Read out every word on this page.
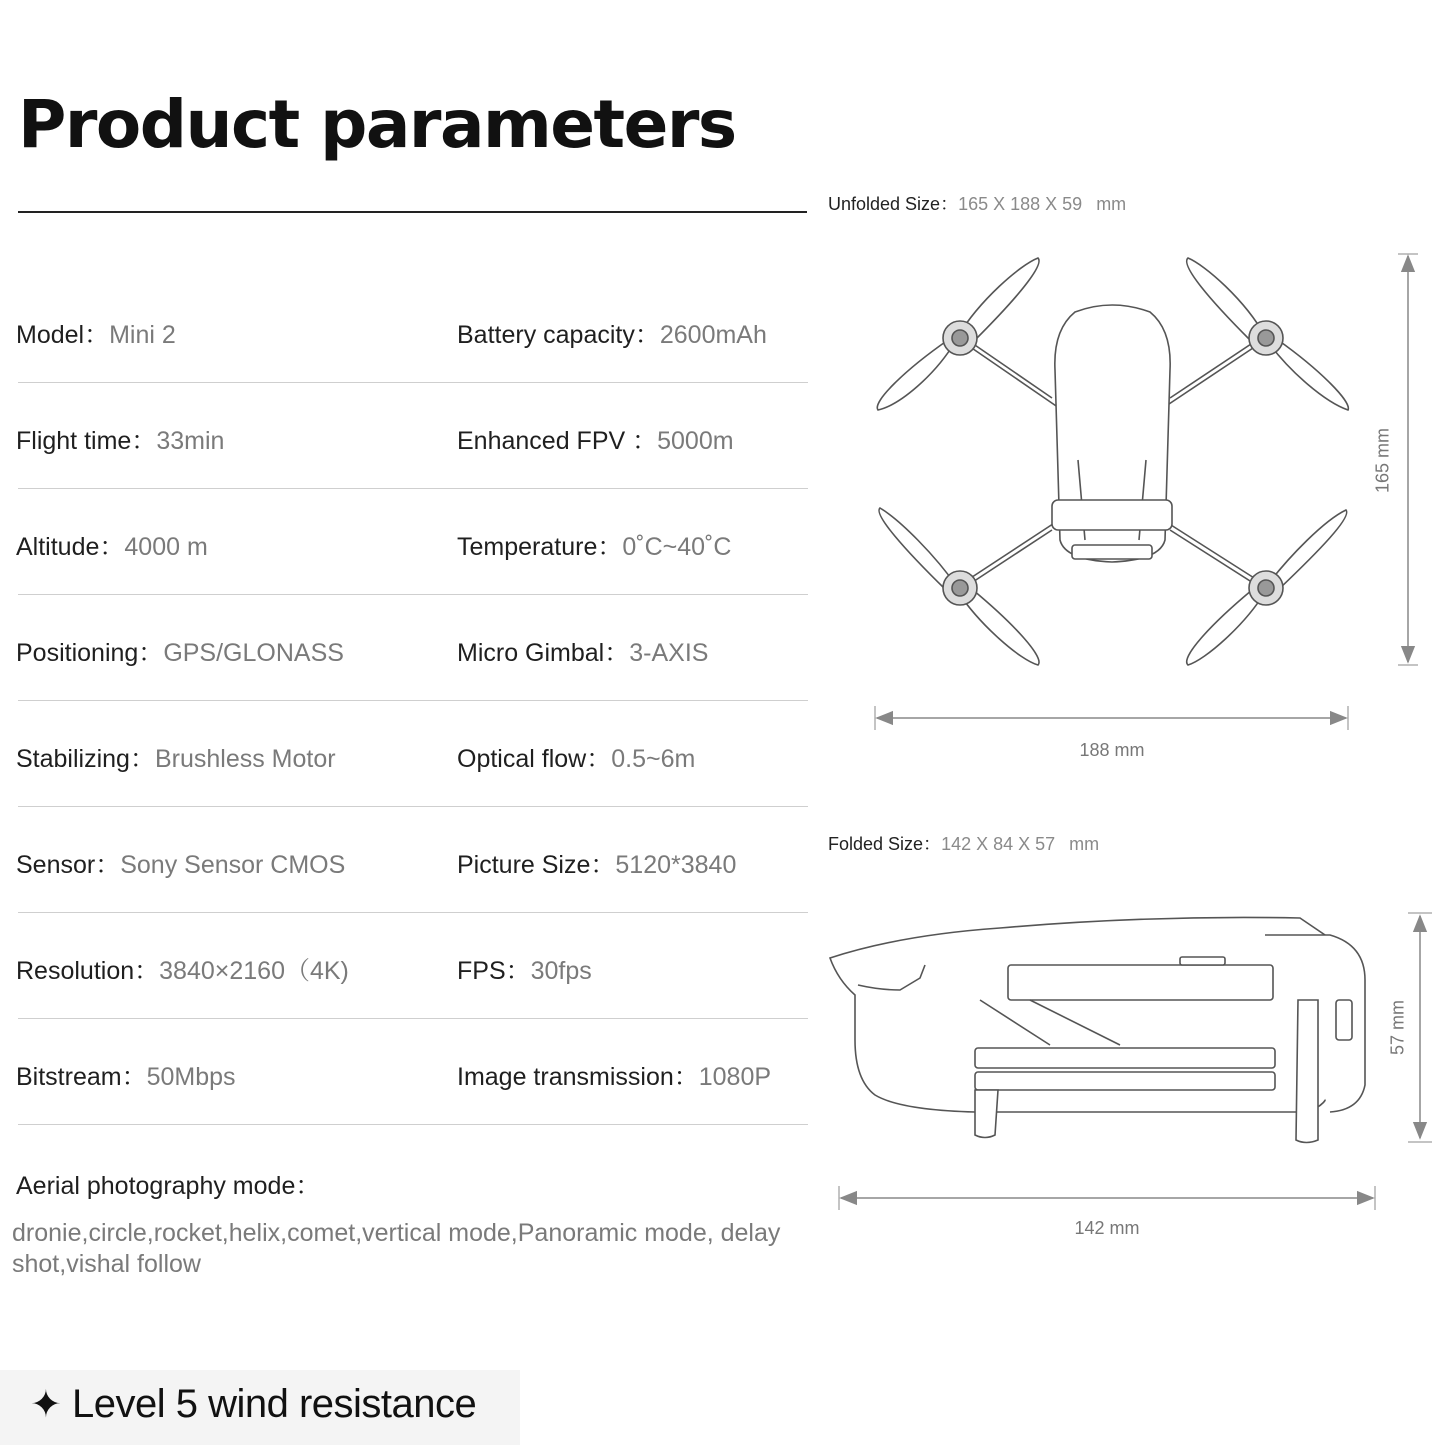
Product parameters
Model：Mini 2	Battery capacity：2600mAh
Flight time：33min	Enhanced FPV ：5000m
Altitude：4000 m	Temperature：0˚C~40˚C
Positioning：GPS/GLONASS	Micro Gimbal：3-AXIS
Stabilizing：Brushless Motor	Optical flow：0.5~6m
Sensor：Sony Sensor CMOS	Picture Size：5120*3840
Resolution：3840×2160（4K)	FPS：30fps
Bitstream：50Mbps	Image transmission：1080P
Aerial photography mode：
dronie,circle,rocket,helix,comet,vertical mode,Panoramic mode, delay shot,vishal follow
Unfolded Size：165 X 188 X 59 mm
Folded Size：142 X 84 X 57 mm
165 mm
188 mm
57 mm
142 mm
✦ Level 5 wind resistance
